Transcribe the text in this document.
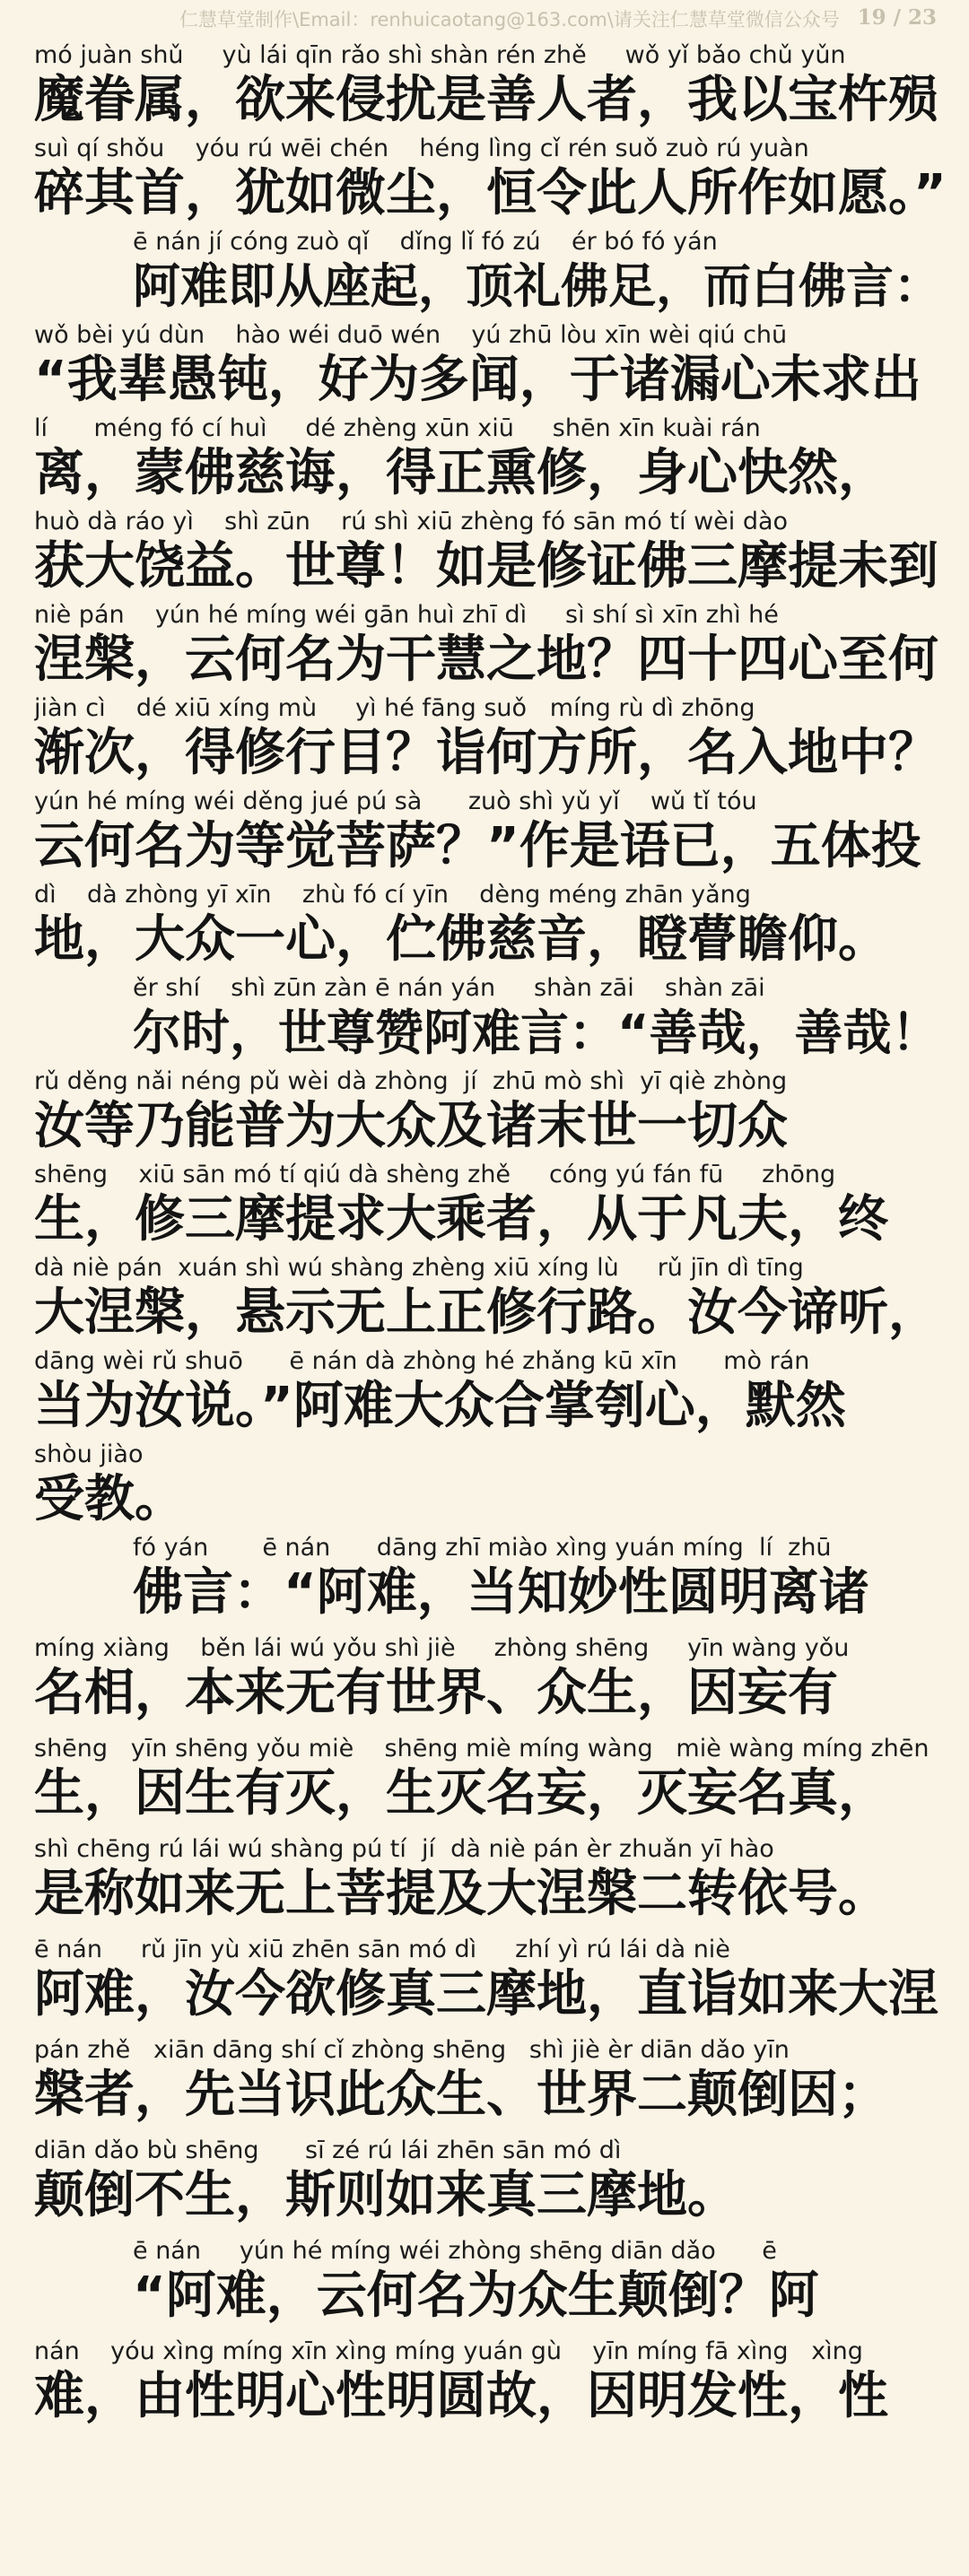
仁慧草堂制作\Email：renhuicaotang@163.com\请关注仁慧草堂微信公众号 19 / 23
mó juàn shǔ     yù lái qīn rǎo shì shàn rén zhě     wǒ yǐ bǎo chǔ yǔn
魔眷属，欲来侵扰是善人者，我以宝杵殒
suì qí shǒu    yóu rú wēi chén    héng lìng cǐ rén suǒ zuò rú yuàn
碎其首，犹如微尘，恒令此人所作如愿。”
ē nán jí cóng zuò qǐ    dǐng lǐ fó zú    ér bó fó yán
阿难即从座起，顶礼佛足，而白佛言：
wǒ bèi yú dùn    hào wéi duō wén    yú zhū lòu xīn wèi qiú chū
“我辈愚钝，好为多闻，于诸漏心未求出
lí      méng fó cí huì     dé zhèng xūn xiū     shēn xīn kuài rán
离，蒙佛慈诲，得正熏修，身心快然，
huò dà ráo yì    shì zūn    rú shì xiū zhèng fó sān mó tí wèi dào
获大饶益。世尊！如是修证佛三摩提未到
niè pán    yún hé míng wéi gān huì zhī dì     sì shí sì xīn zhì hé
涅槃，云何名为干慧之地？四十四心至何
jiàn cì    dé xiū xíng mù     yì hé fāng suǒ   míng rù dì zhōng
渐次，得修行目？诣何方所，名入地中？
yún hé míng wéi děng jué pú sà      zuò shì yǔ yǐ    wǔ tǐ tóu
云何名为等觉菩萨？”作是语已，五体投
dì    dà zhòng yī xīn    zhù fó cí yīn    dèng méng zhān yǎng
地，大众一心，伫佛慈音，瞪瞢瞻仰。
ěr shí    shì zūn zàn ē nán yán     shàn zāi    shàn zāi
尔时，世尊赞阿难言：“善哉，善哉！
rǔ děng nǎi néng pǔ wèi dà zhòng  jí  zhū mò shì  yī qiè zhòng
汝等乃能普为大众及诸末世一切众
shēng    xiū sān mó tí qiú dà shèng zhě     cóng yú fán fū     zhōng
生，修三摩提求大乘者，从于凡夫，终
dà niè pán  xuán shì wú shàng zhèng xiū xíng lù     rǔ jīn dì tīng
大涅槃，悬示无上正修行路。汝今谛听，
dāng wèi rǔ shuō      ē nán dà zhòng hé zhǎng kū xīn      mò rán
当为汝说。”阿难大众合掌刳心，默然
shòu jiào
受教。
fó yán       ē nán      dāng zhī miào xìng yuán míng  lí  zhū
佛言：“阿难，当知妙性圆明离诸
míng xiàng    běn lái wú yǒu shì jiè     zhòng shēng     yīn wàng yǒu
名相，本来无有世界、众生，因妄有
shēng   yīn shēng yǒu miè    shēng miè míng wàng   miè wàng míng zhēn
生，因生有灭，生灭名妄，灭妄名真，
shì chēng rú lái wú shàng pú tí  jí  dà niè pán èr zhuǎn yī hào
是称如来无上菩提及大涅槃二转依号。
ē nán     rǔ jīn yù xiū zhēn sān mó dì     zhí yì rú lái dà niè
阿难，汝今欲修真三摩地，直诣如来大涅
pán zhě   xiān dāng shí cǐ zhòng shēng   shì jiè èr diān dǎo yīn
槃者，先当识此众生、世界二颠倒因；
diān dǎo bù shēng      sī zé rú lái zhēn sān mó dì
颠倒不生，斯则如来真三摩地。
ē nán     yún hé míng wéi zhòng shēng diān dǎo      ē
“阿难，云何名为众生颠倒？阿
nán    yóu xìng míng xīn xìng míng yuán gù    yīn míng fā xìng   xìng
难，由性明心性明圆故，因明发性，性
